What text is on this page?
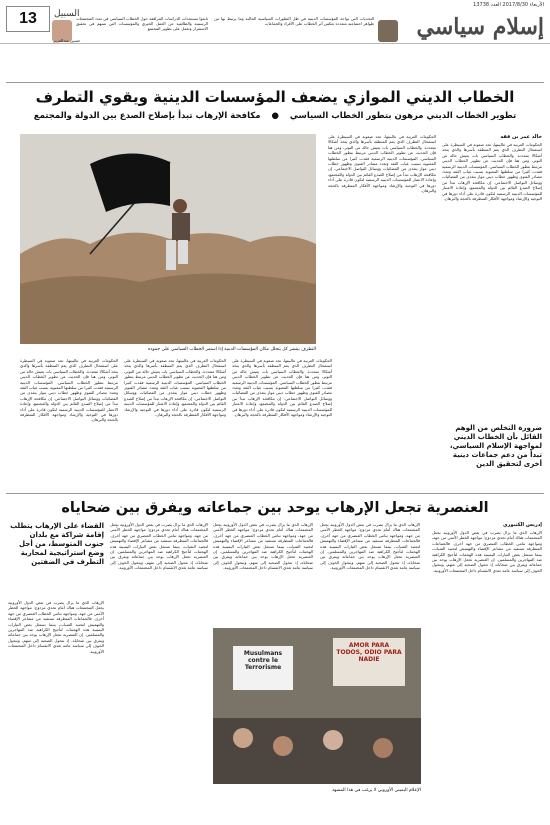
13	السبيل
الأربعاء 2017/8/30 العدد 13738
تابعوا مستجدات الدراسات المرافقة حول الخطاب السياسي في تعدد المجتمعات الرسمية والطائفية عن العمل الخيري والمؤسسات التي تسهم في تحقيق الاستقرار وتعمل على تطوير المجتمع
حسين عبدالعزيز
التحديات التي تواجه المؤسسات الدينية في ظل التطورات السياسية الحالية وما يرتبط بها من ظواهر اجتماعية متعددة تعكس أثر الخطاب على الأفراد والجماعات إسلام سياسي
الخطاب الديني الموازي يضعف المؤسسات الدينية ويقوي التطرف
تطوير الخطاب الديني مرهون بتطور الخطاب السياسي ● مكافحة الإرهاب تبدأ بإصلاح الصدع بين الدولة والمجتمع
خالد عمر بن ققه
الحكومات العربية في غالبيتها، تجد صعوبة في السيطرة على استفحال التطرف الذي يعم المنطقة بأسرها والذي يتخذ أشكالا متعددة. والخطاب السياسي بات يعيش حالة من التوتر، ومن هنا فإن الحديث عن تطوير الخطاب الديني مرتبط بتطور الخطاب السياسي. المؤسسات الدينية الرسمية فقدت كثيرا من سلطتها المعنوية بسبب غياب الثقة وتعدد مصادر الفتوى وظهور خطاب ديني مواز يتغذى من الفضائيات ووسائل التواصل الاجتماعي. إن مكافحة الإرهاب تبدأ من إصلاح الصدع القائم بين الدولة والمجتمع، وإعادة الاعتبار للمؤسسات الدينية الرسمية لتكون قادرة على أداء دورها في التوجيه والإرشاد ومواجهة الأفكار المتطرفة بالحجة والبرهان.
الحكومات العربية في غالبيتها، تجد صعوبة في السيطرة على استفحال التطرف الذي يعم المنطقة بأسرها والذي يتخذ أشكالا متعددة. والخطاب السياسي بات يعيش حالة من التوتر، ومن هنا فإن الحديث عن تطوير الخطاب الديني مرتبط بتطور الخطاب السياسي. المؤسسات الدينية الرسمية فقدت كثيرا من سلطتها المعنوية بسبب غياب الثقة وتعدد مصادر الفتوى وظهور خطاب ديني مواز يتغذى من الفضائيات ووسائل التواصل الاجتماعي. إن مكافحة الإرهاب تبدأ من إصلاح الصدع القائم بين الدولة والمجتمع، وإعادة الاعتبار للمؤسسات الدينية الرسمية لتكون قادرة على أداء دورها في التوجيه والإرشاد ومواجهة الأفكار المتطرفة بالحجة والبرهان.
التطرف ينتشر كل يتحلل مكان المؤسسات الدينية إذا استمر الخطاب السياسي على جموده
الحكومات العربية في غالبيتها، تجد صعوبة في السيطرة على استفحال التطرف الذي يعم المنطقة بأسرها والذي يتخذ أشكالا متعددة. والخطاب السياسي بات يعيش حالة من التوتر، ومن هنا فإن الحديث عن تطوير الخطاب الديني مرتبط بتطور الخطاب السياسي. المؤسسات الدينية الرسمية فقدت كثيرا من سلطتها المعنوية بسبب غياب الثقة وتعدد مصادر الفتوى وظهور خطاب ديني مواز يتغذى من الفضائيات ووسائل التواصل الاجتماعي. إن مكافحة الإرهاب تبدأ من إصلاح الصدع القائم بين الدولة والمجتمع، وإعادة الاعتبار للمؤسسات الدينية الرسمية لتكون قادرة على أداء دورها في التوجيه والإرشاد ومواجهة الأفكار المتطرفة بالحجة والبرهان.
الحكومات العربية في غالبيتها، تجد صعوبة في السيطرة على استفحال التطرف الذي يعم المنطقة بأسرها والذي يتخذ أشكالا متعددة. والخطاب السياسي بات يعيش حالة من التوتر، ومن هنا فإن الحديث عن تطوير الخطاب الديني مرتبط بتطور الخطاب السياسي. المؤسسات الدينية الرسمية فقدت كثيرا من سلطتها المعنوية بسبب غياب الثقة وتعدد مصادر الفتوى وظهور خطاب ديني مواز يتغذى من الفضائيات ووسائل التواصل الاجتماعي. إن مكافحة الإرهاب تبدأ من إصلاح الصدع القائم بين الدولة والمجتمع، وإعادة الاعتبار للمؤسسات الدينية الرسمية لتكون قادرة على أداء دورها في التوجيه والإرشاد ومواجهة الأفكار المتطرفة بالحجة والبرهان.
الحكومات العربية في غالبيتها، تجد صعوبة في السيطرة على استفحال التطرف الذي يعم المنطقة بأسرها والذي يتخذ أشكالا متعددة. والخطاب السياسي بات يعيش حالة من التوتر، ومن هنا فإن الحديث عن تطوير الخطاب الديني مرتبط بتطور الخطاب السياسي. المؤسسات الدينية الرسمية فقدت كثيرا من سلطتها المعنوية بسبب غياب الثقة وتعدد مصادر الفتوى وظهور خطاب ديني مواز يتغذى من الفضائيات ووسائل التواصل الاجتماعي. إن مكافحة الإرهاب تبدأ من إصلاح الصدع القائم بين الدولة والمجتمع، وإعادة الاعتبار للمؤسسات الدينية الرسمية لتكون قادرة على أداء دورها في التوجيه والإرشاد ومواجهة الأفكار المتطرفة بالحجة والبرهان.
ضرورة التخلص من الوهم القائل بأن الخطاب الديني لمواجهة الإسلام السياسي، تبدأ من دعم جماعات دينية أخرى لتحقيق الدين
العنصرية تجعل الإرهاب يوحد بين جماعاته ويفرق بين ضحاياه
إدريس الكنبوري
الإرهاب الذي ما يزال يضرب في بعض الدول الأوروبية يجعل المجتمعات هناك أمام تحدي مزدوج: مواجهة الخطر الأمني من جهة، ومواجهة تنامي الخطاب العنصري من جهة أخرى. فالجماعات المتطرفة تستفيد من مشاعر الإقصاء والتهميش لتجنيد الشباب، بينما تستغل بعض التيارات اليمينية هذه الهجمات لتأجيج الكراهية ضد المهاجرين والمسلمين. إن العنصرية تجعل الإرهاب يوحد بين جماعاته ويفرق بين ضحاياه، إذ تتحول الضحية إلى متهم، ويتحول الخوف إلى سياسة عامة تغذي الانقسام داخل المجتمعات الأوروبية.
الإرهاب الذي ما يزال يضرب في بعض الدول الأوروبية يجعل المجتمعات هناك أمام تحدي مزدوج: مواجهة الخطر الأمني من جهة، ومواجهة تنامي الخطاب العنصري من جهة أخرى. فالجماعات المتطرفة تستفيد من مشاعر الإقصاء والتهميش لتجنيد الشباب، بينما تستغل بعض التيارات اليمينية هذه الهجمات لتأجيج الكراهية ضد المهاجرين والمسلمين. إن العنصرية تجعل الإرهاب يوحد بين جماعاته ويفرق بين ضحاياه، إذ تتحول الضحية إلى متهم، ويتحول الخوف إلى سياسة عامة تغذي الانقسام داخل المجتمعات الأوروبية.
الإرهاب الذي ما يزال يضرب في بعض الدول الأوروبية يجعل المجتمعات هناك أمام تحدي مزدوج: مواجهة الخطر الأمني من جهة، ومواجهة تنامي الخطاب العنصري من جهة أخرى. فالجماعات المتطرفة تستفيد من مشاعر الإقصاء والتهميش لتجنيد الشباب، بينما تستغل بعض التيارات اليمينية هذه الهجمات لتأجيج الكراهية ضد المهاجرين والمسلمين. إن العنصرية تجعل الإرهاب يوحد بين جماعاته ويفرق بين ضحاياه، إذ تتحول الضحية إلى متهم، ويتحول الخوف إلى سياسة عامة تغذي الانقسام داخل المجتمعات الأوروبية.
الإرهاب الذي ما يزال يضرب في بعض الدول الأوروبية يجعل المجتمعات هناك أمام تحدي مزدوج: مواجهة الخطر الأمني من جهة، ومواجهة تنامي الخطاب العنصري من جهة أخرى. فالجماعات المتطرفة تستفيد من مشاعر الإقصاء والتهميش لتجنيد الشباب، بينما تستغل بعض التيارات اليمينية هذه الهجمات لتأجيج الكراهية ضد المهاجرين والمسلمين. إن العنصرية تجعل الإرهاب يوحد بين جماعاته ويفرق بين ضحاياه، إذ تتحول الضحية إلى متهم، ويتحول الخوف إلى سياسة عامة تغذي الانقسام داخل المجتمعات الأوروبية.
القضاء على الإرهاب يتطلب إقامة شراكة مع بلدان جنوب المتوسط، من أجل وضع استراتيجية لمحاربة التطرف في الضفتين
الإرهاب الذي ما يزال يضرب في بعض الدول الأوروبية يجعل المجتمعات هناك أمام تحدي مزدوج: مواجهة الخطر الأمني من جهة، ومواجهة تنامي الخطاب العنصري من جهة أخرى. فالجماعات المتطرفة تستفيد من مشاعر الإقصاء والتهميش لتجنيد الشباب، بينما تستغل بعض التيارات اليمينية هذه الهجمات لتأجيج الكراهية ضد المهاجرين والمسلمين. إن العنصرية تجعل الإرهاب يوحد بين جماعاته ويفرق بين ضحاياه، إذ تتحول الضحية إلى متهم، ويتحول الخوف إلى سياسة عامة تغذي الانقسام داخل المجتمعات الأوروبية.	Musulmans contre le Terrorisme
AMOR PARA TODOS, ODIO PARA NADIE
الإعلام اليميني الأوروبي لا يرغب في هذا المشهد
